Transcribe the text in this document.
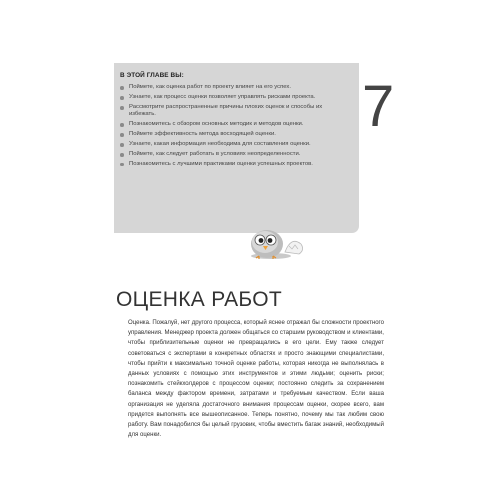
В ЭТОЙ ГЛАВЕ ВЫ:
Поймете, как оценка работ по проекту влияет на его успех.
Узнаете, как процесс оценки позволяет управлять рисками проекта.
Рассмотрите распространенные причины плохих оценок и способы их избежать.
Познакомитесь с обзором основных методик и методов оценки.
Поймете эффективность метода восходящей оценки.
Узнаете, какая информация необходима для составления оценки.
Поймете, как следует работать в условиях неопределенности.
Познакомитесь с лучшими практиками оценки успешных проектов.
7
ОЦЕНКА РАБОТ

Оценка. Пожалуй, нет другого процесса, который яснее отражал бы сложности проектного управления. Менеджер проекта должен общаться со старшим руководством и клиентами, чтобы приблизительные оценки не превращались в его цели. Ему также следует советоваться с экспертами в конкретных областях и просто знающими специалистами, чтобы прийти к максимально точной оценке работы, которая никогда не выполнялась в данных условиях с помощью этих инструментов и этими людьми; оценить риски; познакомить стейкхолдеров с процессом оценки; постоянно следить за сохранением баланса между фактором времени, затратами и требуемым качеством. Если ваша организация не уделяла достаточного внимания процессам оценки, скорее всего, вам придется выполнять все вышеописанное. Теперь понятно, почему мы так любим свою работу. Вам понадобился бы целый грузовик, чтобы вместить багаж знаний, необходимый для оценки.
